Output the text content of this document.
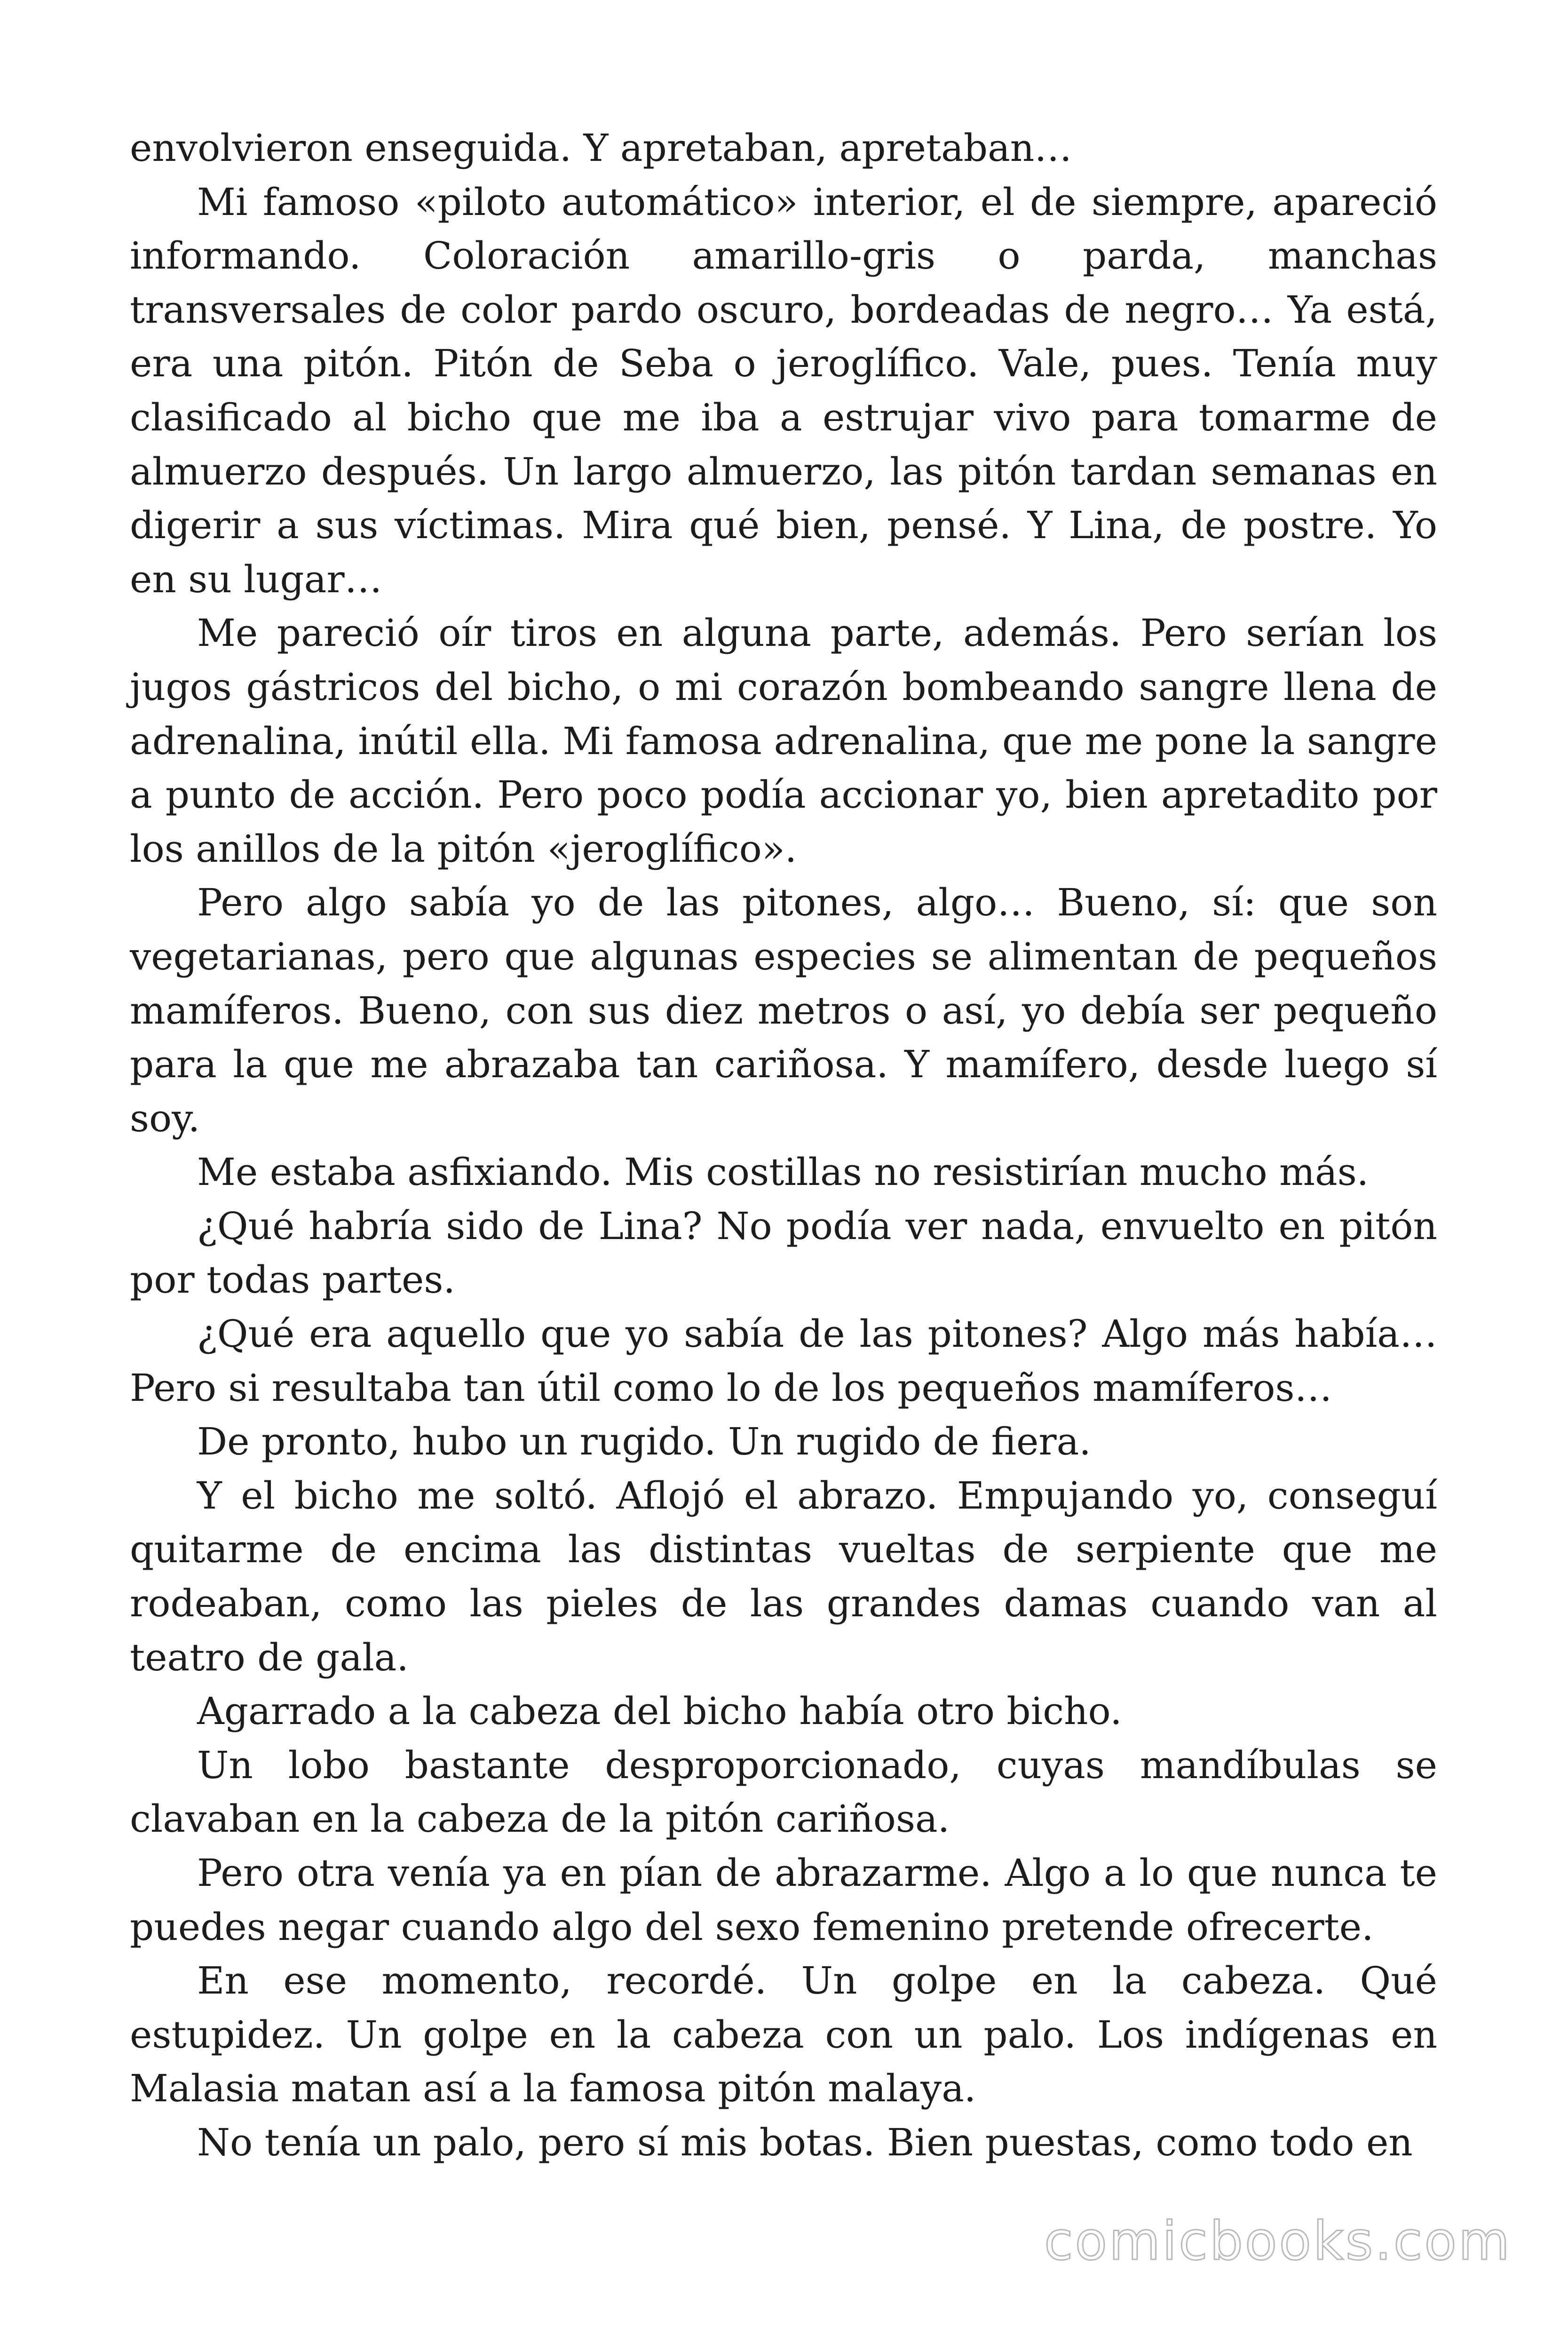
envolvieron enseguida. Y apretaban, apretaban…

Mi famoso «piloto automático» interior, el de siempre, apareció informando. Coloración amarillo-gris o parda, manchas transversales de color pardo oscuro, bordeadas de negro… Ya está, era una pitón. Pitón de Seba o jeroglífico. Vale, pues. Tenía muy clasificado al bicho que me iba a estrujar vivo para tomarme de almuerzo después. Un largo almuerzo, las pitón tardan semanas en digerir a sus víctimas. Mira qué bien, pensé. Y Lina, de postre. Yo en su lugar…

Me pareció oír tiros en alguna parte, además. Pero serían los jugos gástricos del bicho, o mi corazón bombeando sangre llena de adrenalina, inútil ella. Mi famosa adrenalina, que me pone la sangre a punto de acción. Pero poco podía accionar yo, bien apretadito por los anillos de la pitón «jeroglífico».

Pero algo sabía yo de las pitones, algo… Bueno, sí: que son vegetarianas, pero que algunas especies se alimentan de pequeños mamíferos. Bueno, con sus diez metros o así, yo debía ser pequeño para la que me abrazaba tan cariñosa. Y mamífero, desde luego sí soy.

Me estaba asfixiando. Mis costillas no resistirían mucho más.

¿Qué habría sido de Lina? No podía ver nada, envuelto en pitón por todas partes.

¿Qué era aquello que yo sabía de las pitones? Algo más había… Pero si resultaba tan útil como lo de los pequeños mamíferos…

De pronto, hubo un rugido. Un rugido de fiera.

Y el bicho me soltó. Aflojó el abrazo. Empujando yo, conseguí quitarme de encima las distintas vueltas de serpiente que me rodeaban, como las pieles de las grandes damas cuando van al teatro de gala.

Agarrado a la cabeza del bicho había otro bicho.

Un lobo bastante desproporcionado, cuyas mandíbulas se clavaban en la cabeza de la pitón cariñosa.

Pero otra venía ya en pían de abrazarme. Algo a lo que nunca te puedes negar cuando algo del sexo femenino pretende ofrecerte.

En ese momento, recordé. Un golpe en la cabeza. Qué estupidez. Un golpe en la cabeza con un palo. Los indígenas en Malasia matan así a la famosa pitón malaya.

No tenía un palo, pero sí mis botas. Bien puestas, como todo en

comicbooks.com
